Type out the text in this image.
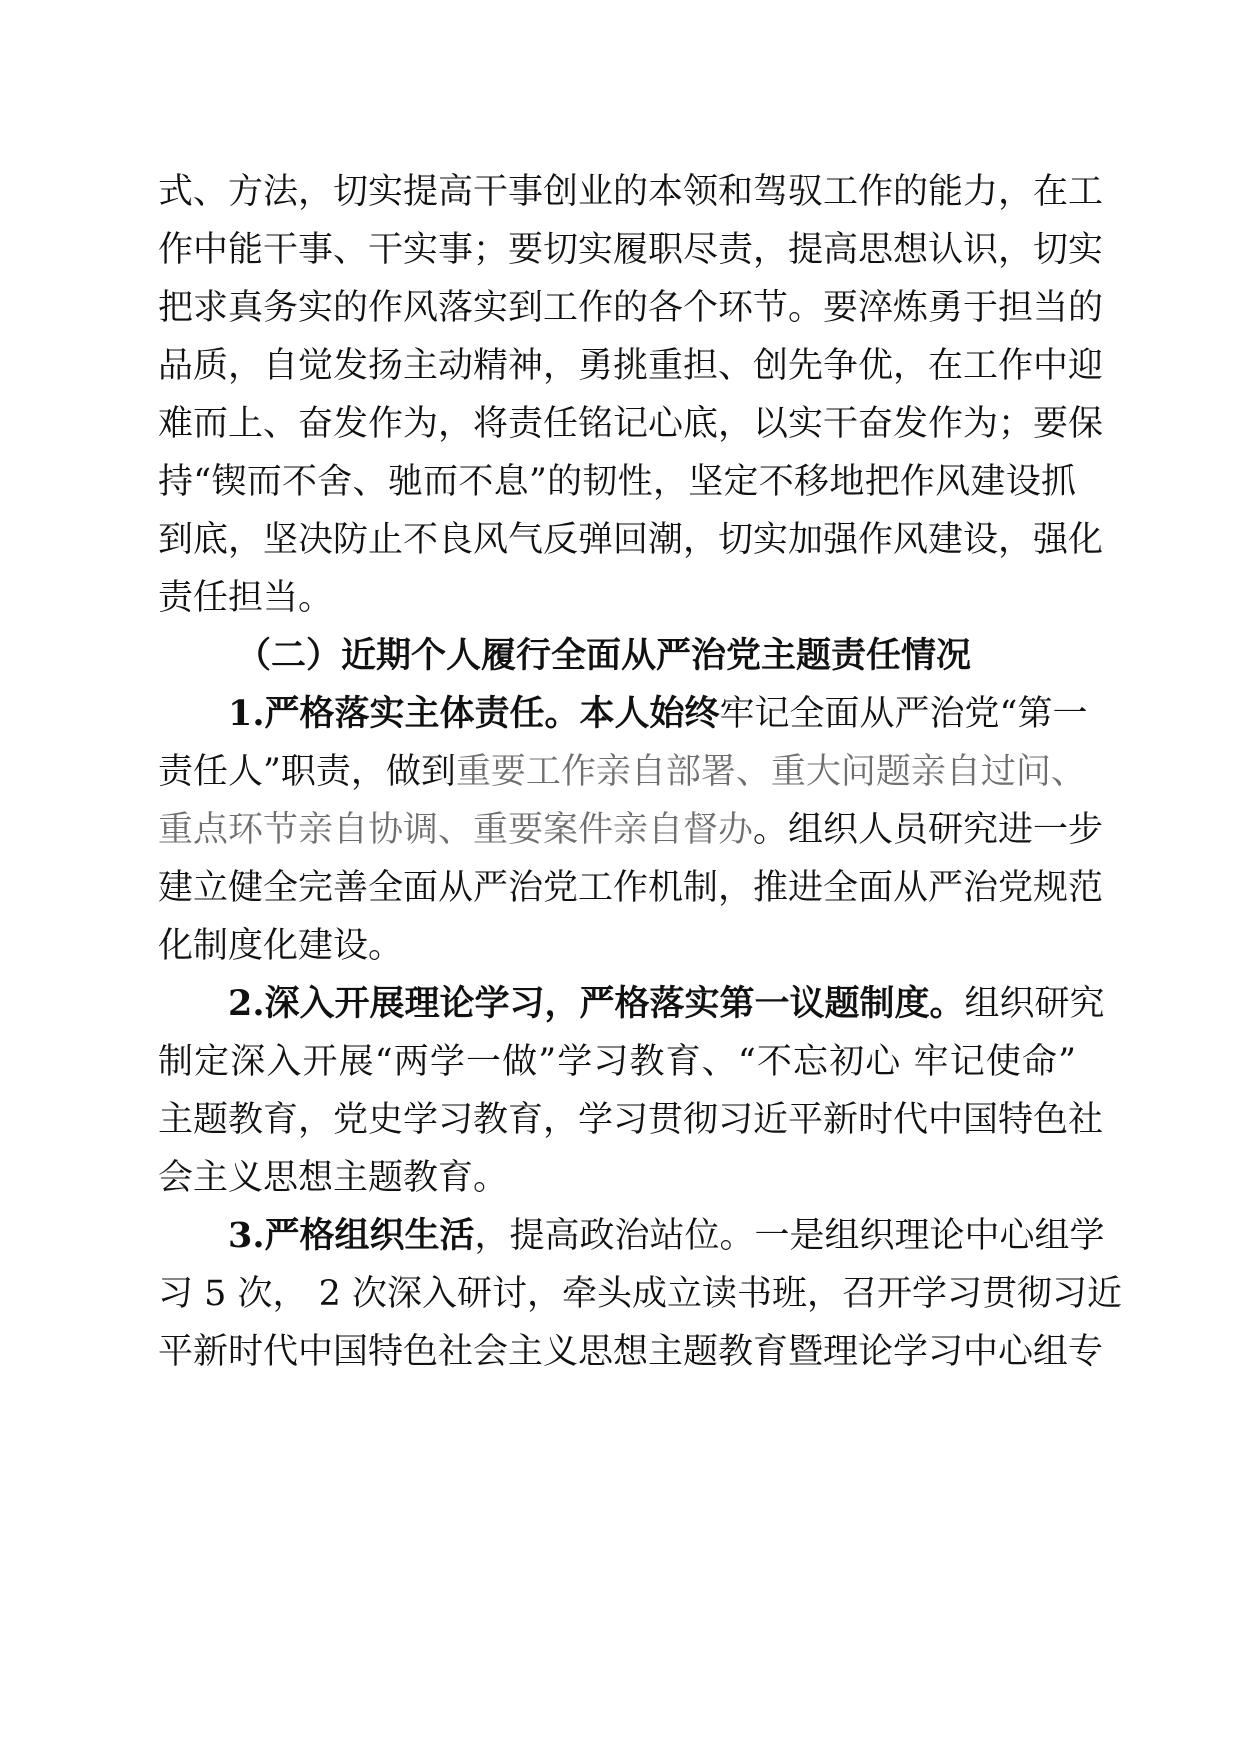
式、方法，切实提高干事创业的本领和驾驭工作的能力，在工
作中能干事、干实事；要切实履职尽责，提高思想认识，切实
把求真务实的作风落实到工作的各个环节。要淬炼勇于担当的
品质，自觉发扬主动精神，勇挑重担、创先争优，在工作中迎
难而上、奋发作为，将责任铭记心底，以实干奋发作为；要保
持“锲而不舍、驰而不息”的韧性，坚定不移地把作风建设抓
到底，坚决防止不良风气反弹回潮，切实加强作风建设，强化
责任担当。
（二）近期个人履行全面从严治党主题责任情况
1.严格落实主体责任。本人始终牢记全面从严治党“第一
责任人”职责，做到重要工作亲自部署、重大问题亲自过问、
重点环节亲自协调、重要案件亲自督办。组织人员研究进一步
建立健全完善全面从严治党工作机制，推进全面从严治党规范
化制度化建设。
2.深入开展理论学习，严格落实第一议题制度。组织研究
制定深入开展“两学一做”学习教育、“不忘初心 牢记使命”
主题教育，党史学习教育，学习贯彻习近平新时代中国特色社
会主义思想主题教育。
3.严格组织生活，提高政治站位。一是组织理论中心组学
习 5 次， 2 次深入研讨，牵头成立读书班，召开学习贯彻习近
平新时代中国特色社会主义思想主题教育暨理论学习中心组专
